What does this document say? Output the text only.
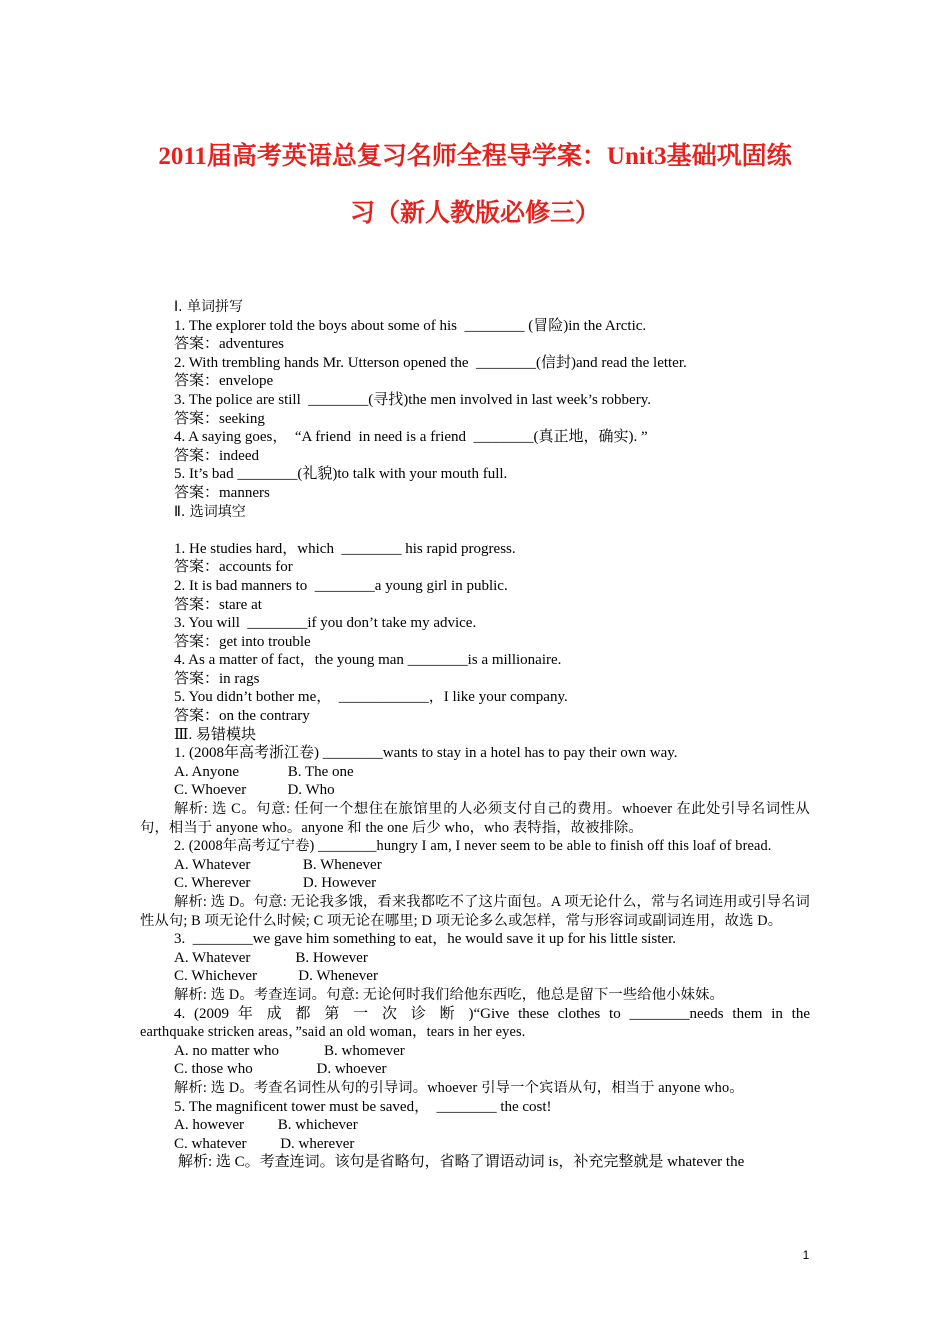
2011届高考英语总复习名师全程导学案：Unit3基础巩固练
习（新人教版必修三）
Ⅰ. 单词拼写
1. The explorer told the boys about some of his  ________ (冒险)in the Arctic.
答案：adventures
2. With trembling hands Mr. Utterson opened the  ________(信封)and read the letter.
答案：envelope
3. The police are still  ________(寻找)the men involved in last week’s robbery.
答案：seeking
4. A saying goes，  “A friend  in need is a friend  ________(真正地，确实). ”
答案：indeed
5. It’s bad ________(礼貌)to talk with your mouth full.
答案：manners
Ⅱ. 选词填空
1. He studies hard，which  ________ his rapid progress.
答案：accounts for
2. It is bad manners to  ________a young girl in public.
答案：stare at
3. You will  ________if you don’t take my advice.
答案：get into trouble
4. As a matter of fact，the young man ________is a millionaire.
答案：in rags
5. You didn’t bother me，  ____________，I like your company.
答案：on the contrary
Ⅲ. 易错模块
1. (2008年高考浙江卷) ________wants to stay in a hotel has to pay their own way.
A. Anyone             B. The one
C. Whoever           D. Who
解析: 选 C。句意: 任何一个想住在旅馆里的人必须支付自己的费用。whoever 在此处引导名词性从句，相当于 anyone who。anyone 和 the one 后少 who，who 表特指，故被排除。
2. (2008年高考辽宁卷) ________hungry I am, I never seem to be able to finish off this loaf of bread.
A. Whatever              B. Whenever
C. Wherever              D. However
解析: 选 D。句意: 无论我多饿，看来我都吃不了这片面包。A 项无论什么，常与名词连用或引导名词性从句; B 项无论什么时候; C 项无论在哪里; D 项无论多么或怎样，常与形容词或副词连用，故选 D。
3.  ________we gave him something to eat，he would save it up for his little sister.
A. Whatever            B. However
C. Whichever           D. Whenever
解析: 选 D。考查连词。句意: 无论何时我们给他东西吃，他总是留下一些给他小妹妹。
4. (2009 年 成 都 第 一 次 诊 断 )“Give these clothes to ________needs them in the
earthquake stricken areas，”said an old woman，tears in her eyes.
A. no matter who            B. whomever
C. those who                 D. whoever
解析: 选 D。考查名词性从句的引导词。whoever 引导一个宾语从句，相当于 anyone who。
5. The magnificent tower must be saved，  ________ the cost!
A. however         B. whichever
C. whatever         D. wherever
解析: 选 C。考查连词。该句是省略句，省略了谓语动词 is，补充完整就是 whatever the
1
